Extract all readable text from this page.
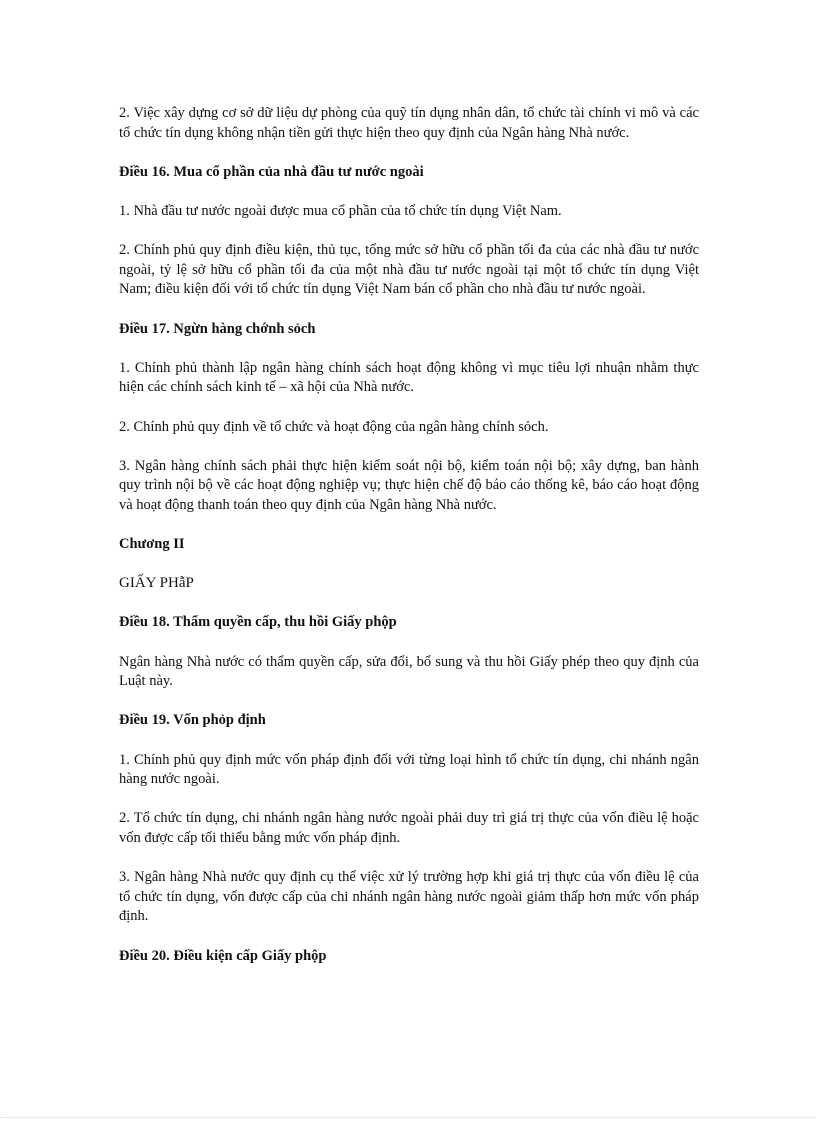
2. Việc xây dựng cơ sở dữ liệu dự phòng của quỹ tín dụng nhân dân, tổ chức tài chính vi mô và các tổ chức tín dụng không nhận tiền gửi thực hiện theo quy định của Ngân hàng Nhà nước.

Điều 16. Mua cổ phần của nhà đầu tư nước ngoài

1. Nhà đầu tư nước ngoài được mua cổ phần của tổ chức tín dụng Việt Nam.

2. Chính phủ quy định điều kiện, thủ tục, tổng mức sở hữu cổ phần tối đa của các nhà đầu tư nước ngoài, tỷ lệ sở hữu cổ phần tối đa của một nhà đầu tư nước ngoài tại một tổ chức tín dụng Việt Nam; điều kiện đối với tổ chức tín dụng Việt Nam bán cổ phần cho nhà đầu tư nước ngoài.

Điều 17. Ngừn hàng chớnh sỏch

1. Chính phủ thành lập ngân hàng chính sách hoạt động không vì mục tiêu lợi nhuận nhằm thực hiện các chính sách kinh tế – xã hội của Nhà nước.

2. Chính phủ quy định về tổ chức và hoạt động của ngân hàng chính sỏch.

3. Ngân hàng chính sách phải thực hiện kiểm soát nội bộ, kiểm toán nội bộ; xây dựng, ban hành quy trình nội bộ về các hoạt động nghiệp vụ; thực hiện chế độ báo cáo thống kê, báo cáo hoạt động và hoạt động thanh toán theo quy định của Ngân hàng Nhà nước.

Chương II

GIẤY PHẫP

Điều 18. Thẩm quyền cấp, thu hồi Giấy phộp

Ngân hàng Nhà nước có thẩm quyền cấp, sửa đổi, bổ sung và thu hồi Giấy phép theo quy định của Luật này.

Điều 19. Vốn phỏp định

1. Chính phủ quy định mức vốn pháp định đối với từng loại hình tổ chức tín dụng, chi nhánh ngân hàng nước ngoài.

2. Tổ chức tín dụng, chi nhánh ngân hàng nước ngoài phải duy trì giá trị thực của vốn điều lệ hoặc vốn được cấp tối thiểu bằng mức vốn pháp định.

3. Ngân hàng Nhà nước quy định cụ thể việc xử lý trường hợp khi giá trị thực của vốn điều lệ của tổ chức tín dụng, vốn được cấp của chi nhánh ngân hàng nước ngoài giảm thấp hơn mức vốn pháp định.

Điều 20. Điều kiện cấp Giấy phộp
